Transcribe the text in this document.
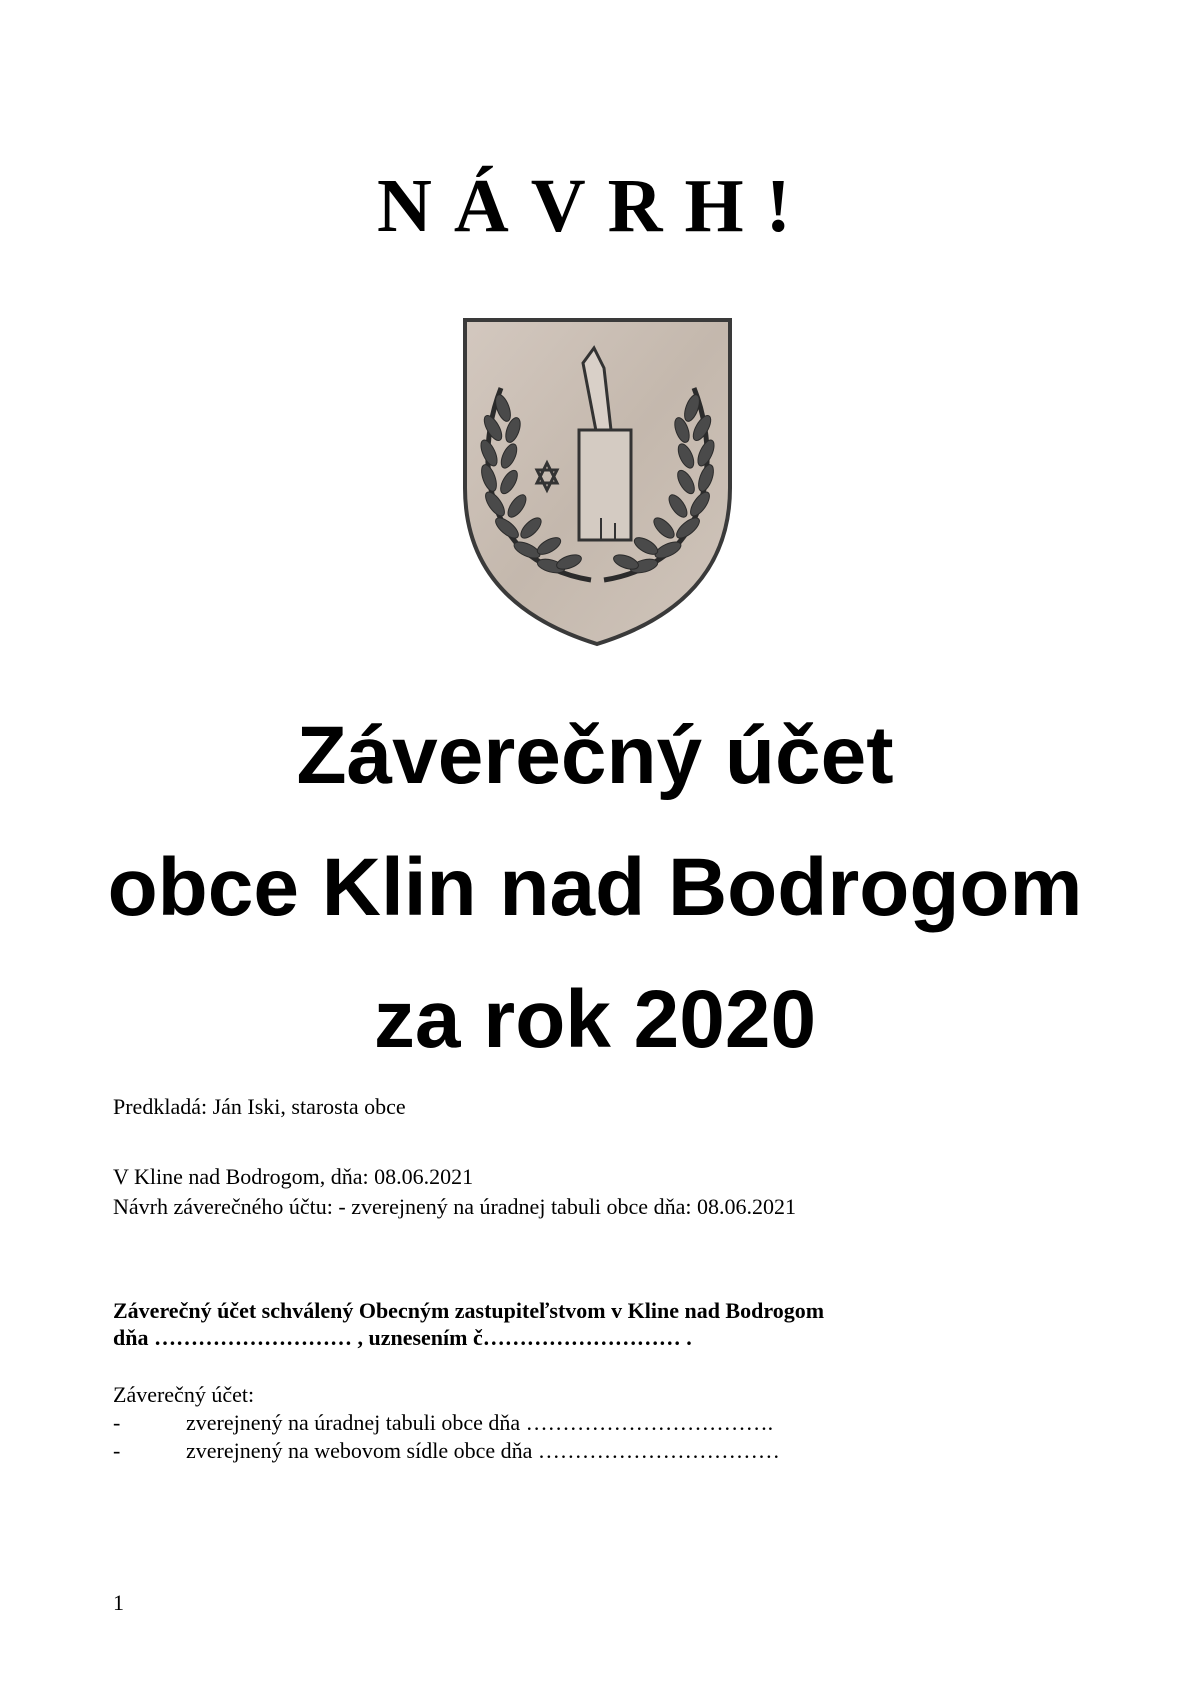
NÁVRH!
Záverečný účet
obce Klin nad Bodrogom
za rok 2020
Predkladá: Ján Iski, starosta obce
V Kline nad Bodrogom, dňa: 08.06.2021
Návrh záverečného účtu: - zverejnený na úradnej tabuli obce dňa: 08.06.2021
Záverečný účet schválený Obecným zastupiteľstvom v Kline nad Bodrogom
dňa ……………………… , uznesením č……………………… .
Záverečný účet:
-	zverejnený na úradnej tabuli obce dňa …………………………….
-	zverejnený na webovom sídle obce dňa ……………………………
1
